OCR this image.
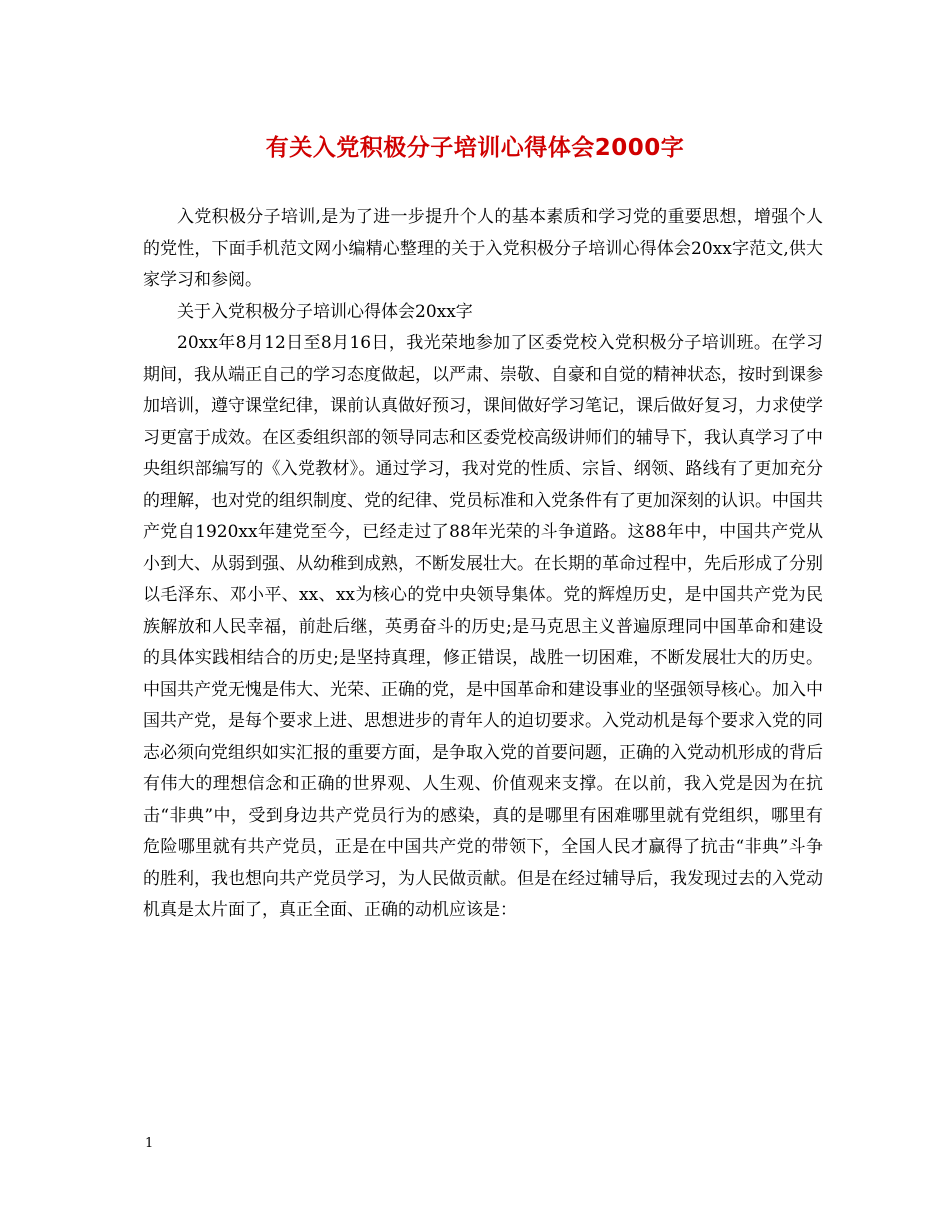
有关入党积极分子培训心得体会2000字

入党积极分子培训,是为了进一步提升个人的基本素质和学习党的重要思想，增强个人的党性，下面手机范文网小编精心整理的关于入党积极分子培训心得体会20xx字范文,供大家学习和参阅。

关于入党积极分子培训心得体会20xx字

20xx年8月12日至8月16日，我光荣地参加了区委党校入党积极分子培训班。在学习期间，我从端正自己的学习态度做起，以严肃、崇敬、自豪和自觉的精神状态，按时到课参加培训，遵守课堂纪律，课前认真做好预习，课间做好学习笔记，课后做好复习，力求使学习更富于成效。在区委组织部的领导同志和区委党校高级讲师们的辅导下，我认真学习了中央组织部编写的《入党教材》。通过学习，我对党的性质、宗旨、纲领、路线有了更加充分的理解，也对党的组织制度、党的纪律、党员标准和入党条件有了更加深刻的认识。中国共产党自1920xx年建党至今，已经走过了88年光荣的斗争道路。这88年中，中国共产党从小到大、从弱到强、从幼稚到成熟，不断发展壮大。在长期的革命过程中，先后形成了分别以毛泽东、邓小平、xx、xx为核心的党中央领导集体。党的辉煌历史，是中国共产党为民族解放和人民幸福，前赴后继，英勇奋斗的历史;是马克思主义普遍原理同中国革命和建设的具体实践相结合的历史;是坚持真理，修正错误，战胜一切困难，不断发展壮大的历史。中国共产党无愧是伟大、光荣、正确的党，是中国革命和建设事业的坚强领导核心。加入中国共产党，是每个要求上进、思想进步的青年人的迫切要求。入党动机是每个要求入党的同志必须向党组织如实汇报的重要方面，是争取入党的首要问题，正确的入党动机形成的背后有伟大的理想信念和正确的世界观、人生观、价值观来支撑。在以前，我入党是因为在抗击“非典”中，受到身边共产党员行为的感染，真的是哪里有困难哪里就有党组织，哪里有危险哪里就有共产党员，正是在中国共产党的带领下，全国人民才赢得了抗击“非典”斗争的胜利，我也想向共产党员学习，为人民做贡献。但是在经过辅导后，我发现过去的入党动机真是太片面了，真正全面、正确的动机应该是：

1
